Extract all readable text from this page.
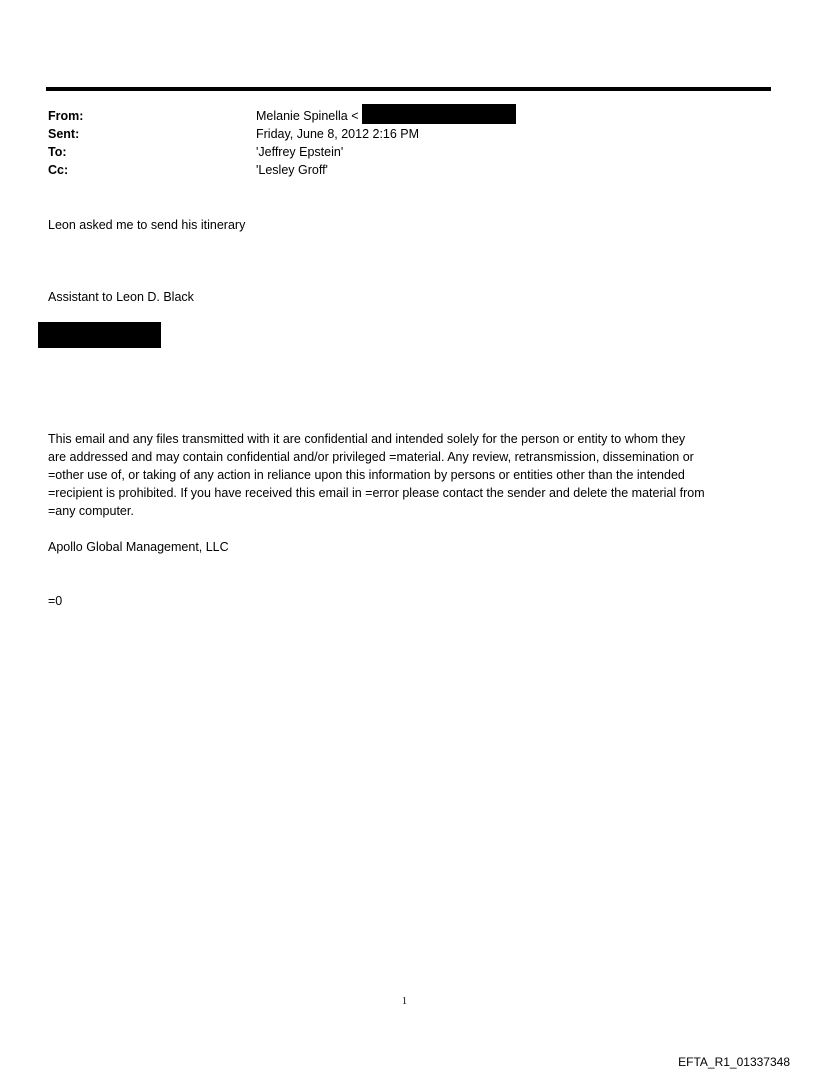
From:	Melanie Spinella <
Sent:	Friday, June 8, 2012 2:16 PM
To:	'Jeffrey Epstein'
Cc:	'Lesley Groff'
Leon asked me to send his itinerary
Assistant to Leon D. Black
This email and any files transmitted with it are confidential and intended solely for the person or entity to whom they
are addressed and may contain confidential and/or privileged =material. Any review, retransmission, dissemination or
=other use of, or taking of any action in reliance upon this information by persons or entities other than the intended
=recipient is prohibited. If you have received this email in =error please contact the sender and delete the material from
=any computer.
Apollo Global Management, LLC
=0
1
EFTA_R1_01337348
